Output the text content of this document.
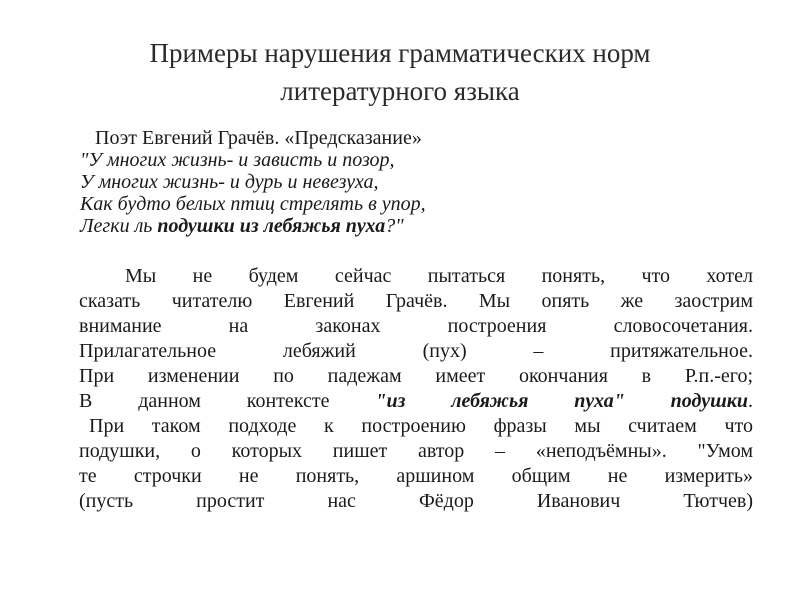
Примеры нарушения грамматических норм
литературного языка
Поэт Евгений Грачёв. «Предсказание»
"У многих жизнь- и зависть и позор,
У многих жизнь- и дурь и невезуха,
Как будто белых птиц стрелять в упор,
Легки ль подушки из лебяжья пуха?"
Мы не будем сейчас пытаться понять, что хотел
сказать читателю Евгений Грачёв. Мы опять же заострим
внимание на законах построения словосочетания.
Прилагательное лебяжий (пух) – притяжательное.
При изменении по падежам имеет окончания в Р.п.-его;
В данном контексте "из лебяжья пуха" подушки.
При таком подходе к построению фразы мы считаем что
подушки, о которых пишет автор – «неподъёмны». "Умом
те строчки не понять, аршином общим не измерить»
(пусть простит нас Фёдор Иванович Тютчев)
